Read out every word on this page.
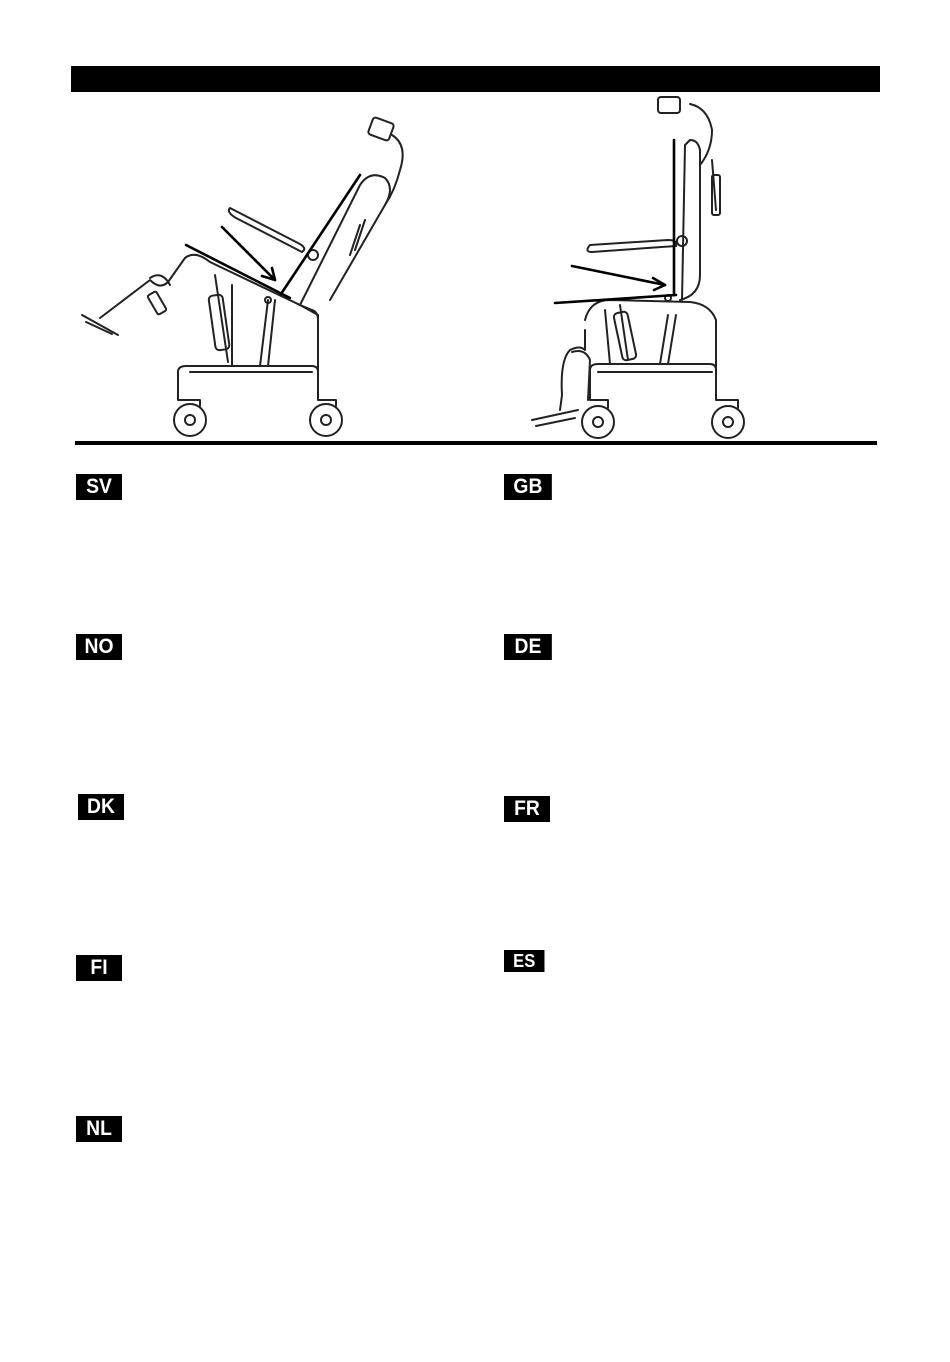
SV
NO
DK
FI
NL
GB
DE
FR
ES
